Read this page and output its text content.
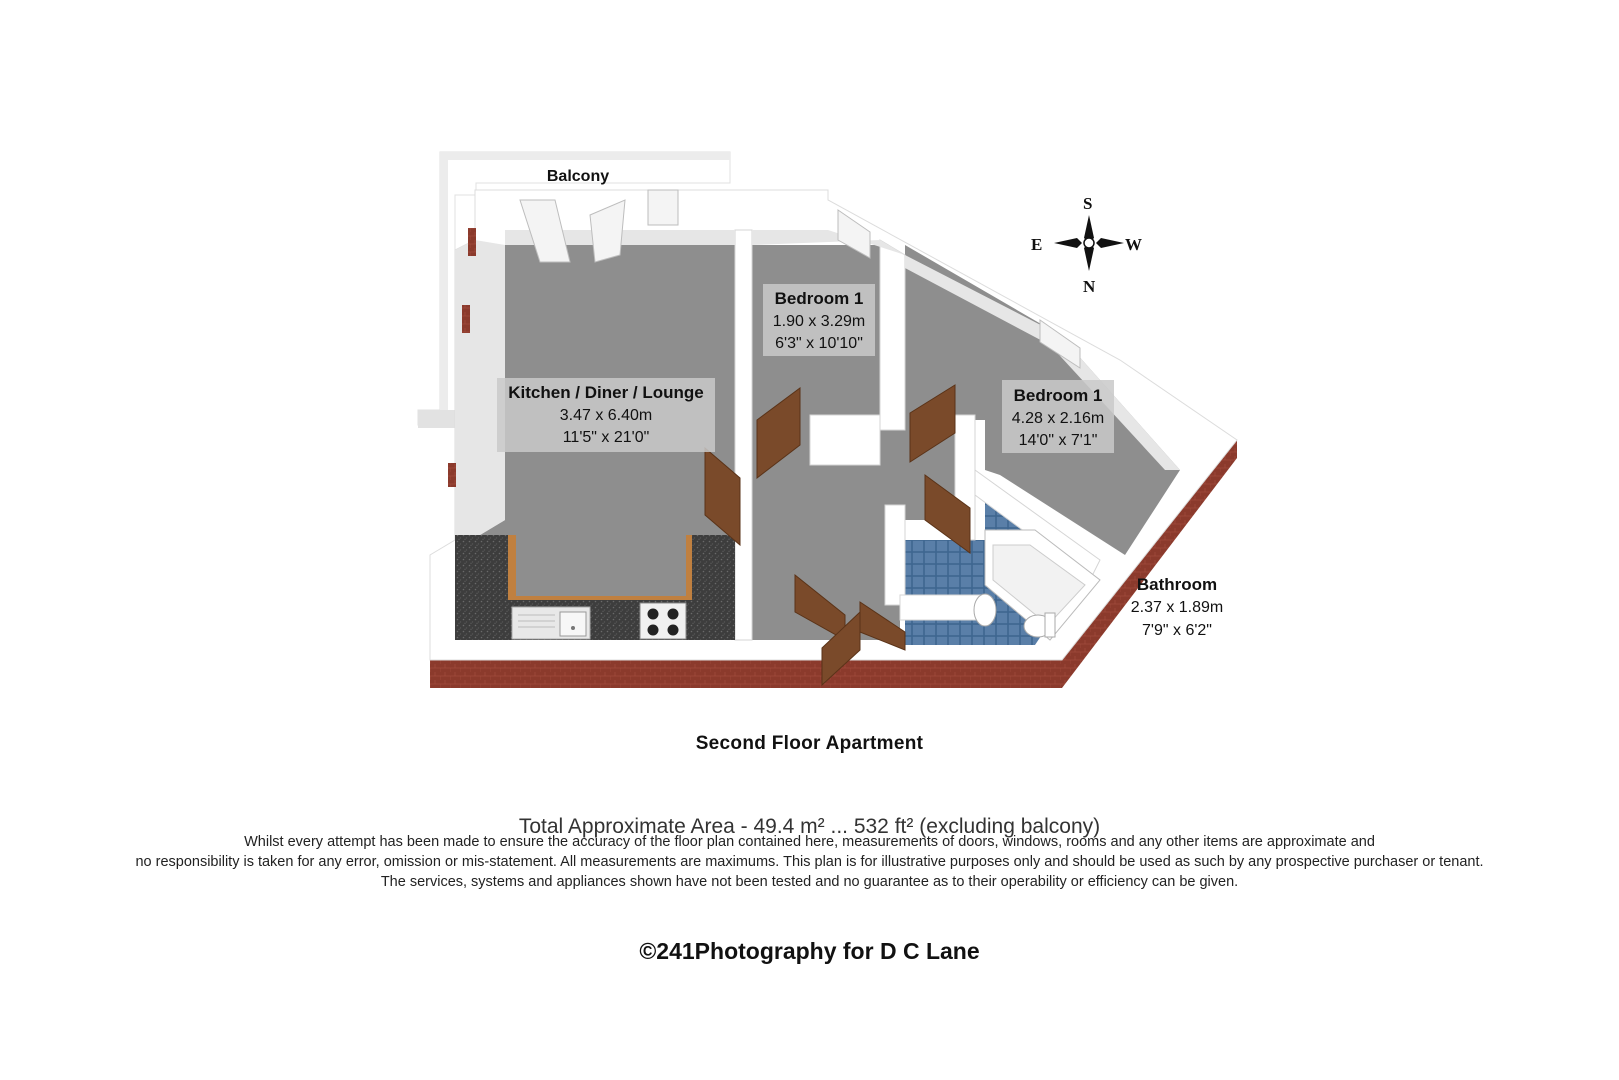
Balcony
Kitchen / Diner / Lounge
3.47 x 6.40m
11'5" x 21'0"
Bedroom 1
1.90 x 3.29m
6'3" x 10'10"
Bedroom 1
4.28 x 2.16m
14'0" x 7'1"
Bathroom
2.37 x 1.89m
7'9" x 6'2"
S
E	W
N
Second Floor Apartment
Total Approximate Area - 49.4 m² ... 532 ft² (excluding balcony)
Whilst every attempt has been made to ensure the accuracy of the floor plan contained here, measurements of doors, windows, rooms and any other items are approximate and
no responsibility is taken for any error, omission or mis-statement. All measurements are maximums. This plan is for illustrative purposes only and should be used as such by any prospective purchaser or tenant.
The services, systems and appliances shown have not been tested and no guarantee as to their operability or efficiency can be given.
©241Photography for D C Lane
